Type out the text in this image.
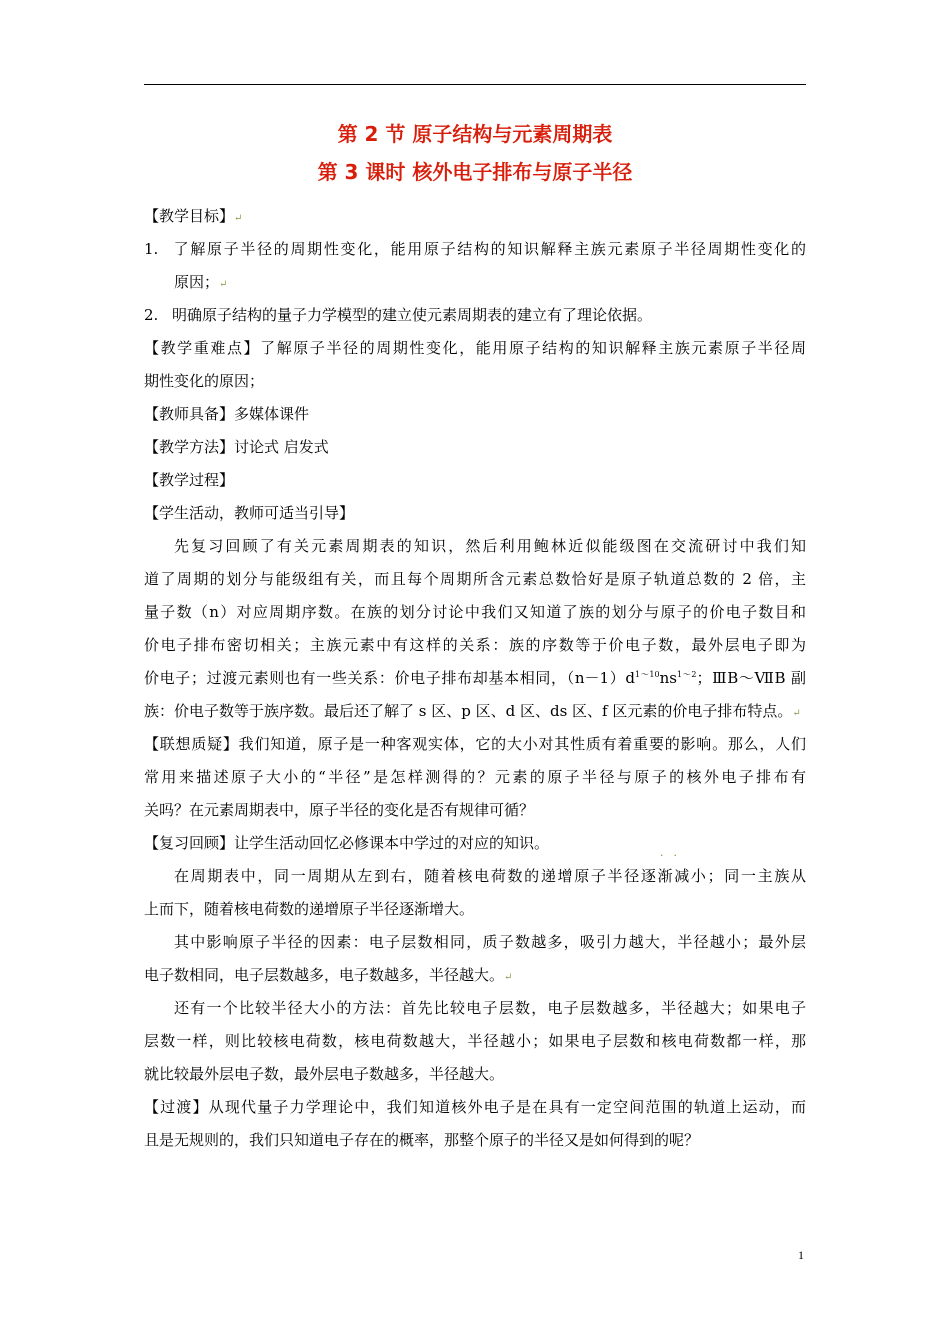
第 2 节 原子结构与元素周期表
第 3 课时 核外电子排布与原子半径
【教学目标】↵
1. 了解原子半径的周期性变化，能用原子结构的知识解释主族元素原子半径周期性变化的
原因；↵
2. 明确原子结构的量子力学模型的建立使元素周期表的建立有了理论依据。
【教学重难点】了解原子半径的周期性变化，能用原子结构的知识解释主族元素原子半径周
期性变化的原因；
【教师具备】多媒体课件
【教学方法】讨论式 启发式
【教学过程】
【学生活动，教师可适当引导】
先复习回顾了有关元素周期表的知识，然后利用鲍林近似能级图在交流研讨中我们知
道了周期的划分与能级组有关，而且每个周期所含元素总数恰好是原子轨道总数的 2 倍，主
量子数（n）对应周期序数。在族的划分讨论中我们又知道了族的划分与原子的价电子数目和
价电子排布密切相关；主族元素中有这样的关系：族的序数等于价电子数，最外层电子即为
价电子；过渡元素则也有一些关系：价电子排布却基本相同，$(n-1)d^{1\sim 10}ns^{1\sim 2}$；ⅢB～ⅦB 副
族：价电子数等于族序数。最后还了解了 s 区、p 区、d 区、ds 区、f 区元素的价电子排布特点。↵
【联想质疑】我们知道，原子是一种客观实体，它的大小对其性质有着重要的影响。那么，人们
常用来描述原子大小的“半径”是怎样测得的？元素的原子半径与原子的核外电子排布有
关吗？在元素周期表中，原子半径的变化是否有规律可循？
【复习回顾】让学生活动回忆必修课本中学过的对应的知识。
在周期表中，同一周期从左到右，随着核电荷数的递增原子半径逐渐减小；同一主族从
上而下，随着核电荷数的递增原子半径逐渐增大。
其中影响原子半径的因素：电子层数相同，质子数越多，吸引力越大，半径越小；最外层
电子数相同，电子层数越多，电子数越多，半径越大。↵
还有一个比较半径大小的方法：首先比较电子层数，电子层数越多，半径越大；如果电子
层数一样，则比较核电荷数，核电荷数越大，半径越小；如果电子层数和核电荷数都一样，那
就比较最外层电子数，最外层电子数越多，半径越大。
【过渡】从现代量子力学理论中，我们知道核外电子是在具有一定空间范围的轨道上运动，而
且是无规则的，我们只知道电子存在的概率，那整个原子的半径又是如何得到的呢？
..
1
